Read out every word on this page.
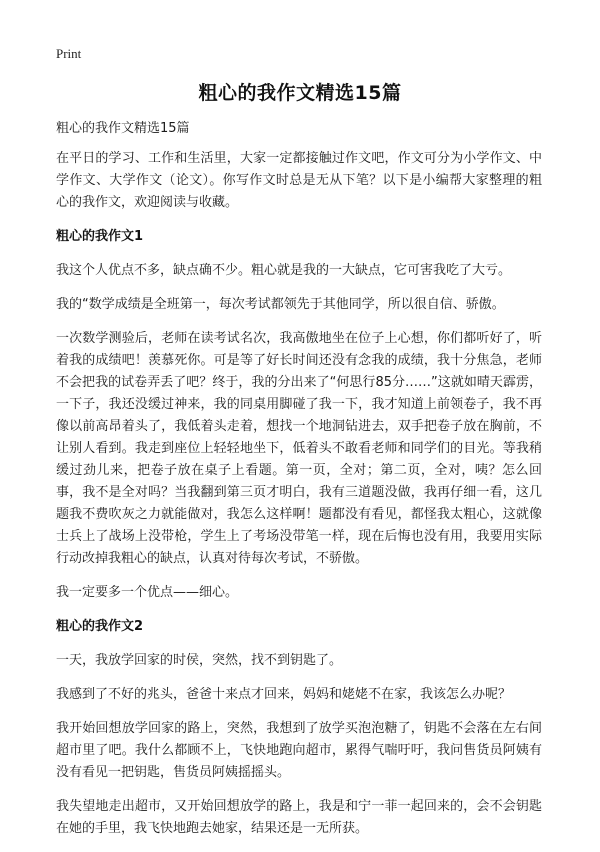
Print
粗心的我作文精选15篇

粗心的我作文精选15篇

在平日的学习、工作和生活里，大家一定都接触过作文吧，作文可分为小学作文、中学作文、大学作文（论文）。你写作文时总是无从下笔？以下是小编帮大家整理的粗心的我作文，欢迎阅读与收藏。

粗心的我作文1

我这个人优点不多，缺点确不少。粗心就是我的一大缺点，它可害我吃了大亏。

我的“数学成绩是全班第一，每次考试都领先于其他同学，所以很自信、骄傲。

一次数学测验后，老师在读考试名次，我高傲地坐在位子上心想，你们都听好了，听着我的成绩吧！羡慕死你。可是等了好长时间还没有念我的成绩，我十分焦急，老师不会把我的试卷弄丢了吧？终于，我的分出来了“何思行85分……”这就如晴天霹雳，一下子，我还没缓过神来，我的同桌用脚碰了我一下，我才知道上前领卷子，我不再像以前高昂着头了，我低着头走着，想找一个地洞钻进去，双手把卷子放在胸前，不让别人看到。我走到座位上轻轻地坐下，低着头不敢看老师和同学们的目光。等我稍缓过劲儿来，把卷子放在桌子上看题。第一页，全对；第二页，全对，咦？怎么回事，我不是全对吗？当我翻到第三页才明白，我有三道题没做，我再仔细一看，这几题我不费吹灰之力就能做对，我怎么这样啊！题都没有看见，都怪我太粗心，这就像士兵上了战场上没带枪，学生上了考场没带笔一样，现在后悔也没有用，我要用实际行动改掉我粗心的缺点，认真对待每次考试，不骄傲。

我一定要多一个优点——细心。

粗心的我作文2

一天，我放学回家的时侯，突然，找不到钥匙了。

我感到了不好的兆头，爸爸十来点才回来，妈妈和姥姥不在家，我该怎么办呢？

我开始回想放学回家的路上，突然，我想到了放学买泡泡糖了，钥匙不会落在左右间超市里了吧。我什么都顾不上，飞快地跑向超市，累得气喘吁吁，我问售货员阿姨有没有看见一把钥匙，售货员阿姨摇摇头。

我失望地走出超市，又开始回想放学的路上，我是和宁一菲一起回来的，会不会钥匙在她的手里，我飞快地跑去她家，结果还是一无所获。
